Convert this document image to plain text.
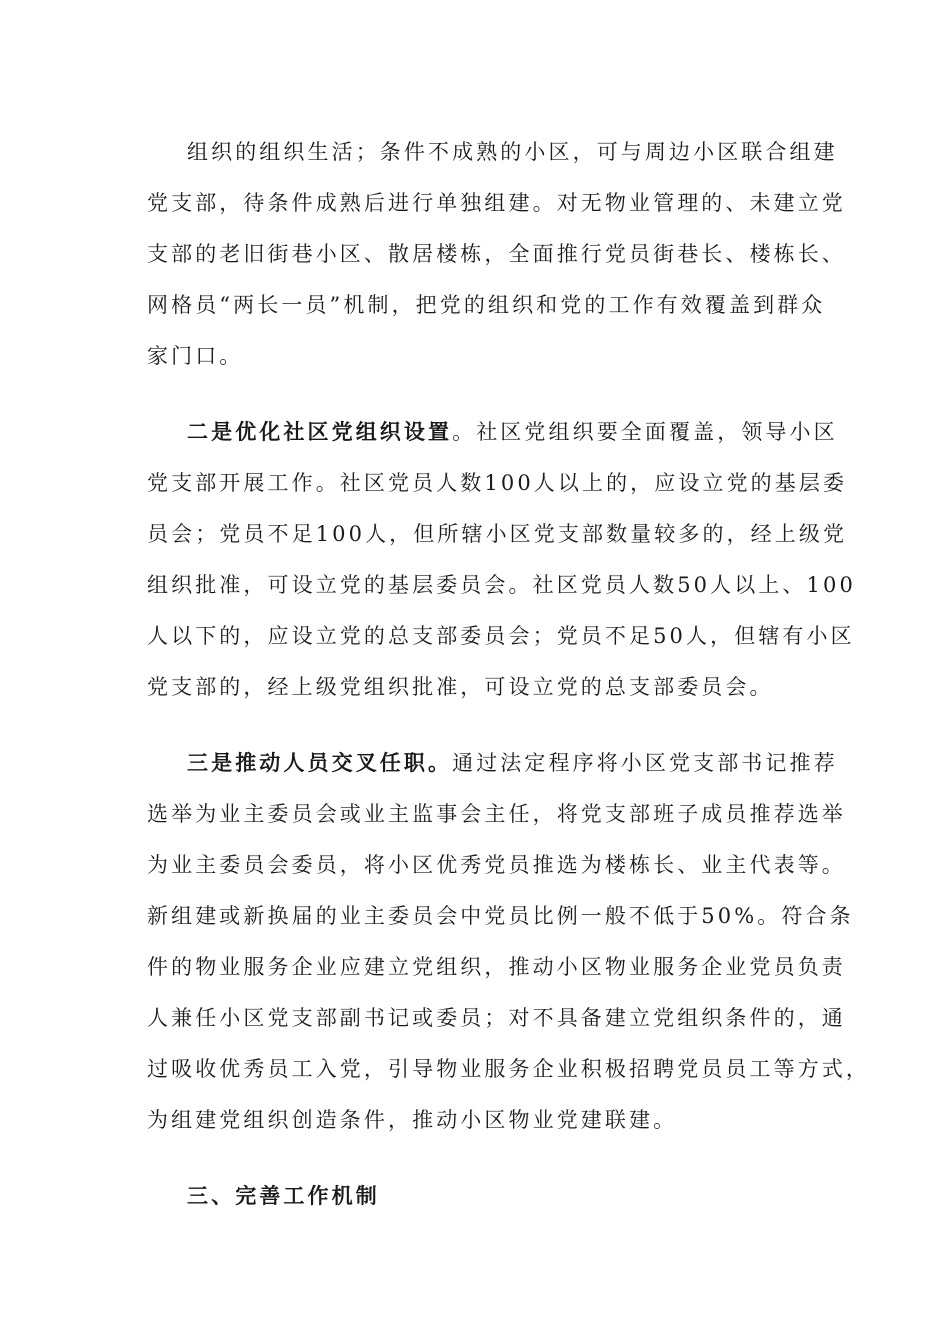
组织的组织生活；条件不成熟的小区，可与周边小区联合组建
党支部，待条件成熟后进行单独组建。对无物业管理的、未建立党
支部的老旧街巷小区、散居楼栋，全面推行党员街巷长、楼栋长、
网格员“两长一员”机制，把党的组织和党的工作有效覆盖到群众
家门口。
二是优化社区党组织设置。社区党组织要全面覆盖，领导小区
党支部开展工作。社区党员人数100人以上的，应设立党的基层委
员会；党员不足100人，但所辖小区党支部数量较多的，经上级党
组织批准，可设立党的基层委员会。社区党员人数50人以上、100
人以下的，应设立党的总支部委员会；党员不足50人，但辖有小区
党支部的，经上级党组织批准，可设立党的总支部委员会。
三是推动人员交叉任职。通过法定程序将小区党支部书记推荐
选举为业主委员会或业主监事会主任，将党支部班子成员推荐选举
为业主委员会委员，将小区优秀党员推选为楼栋长、业主代表等。
新组建或新换届的业主委员会中党员比例一般不低于50%。符合条
件的物业服务企业应建立党组织，推动小区物业服务企业党员负责
人兼任小区党支部副书记或委员；对不具备建立党组织条件的，通
过吸收优秀员工入党，引导物业服务企业积极招聘党员员工等方式，
为组建党组织创造条件，推动小区物业党建联建。
三、完善工作机制
